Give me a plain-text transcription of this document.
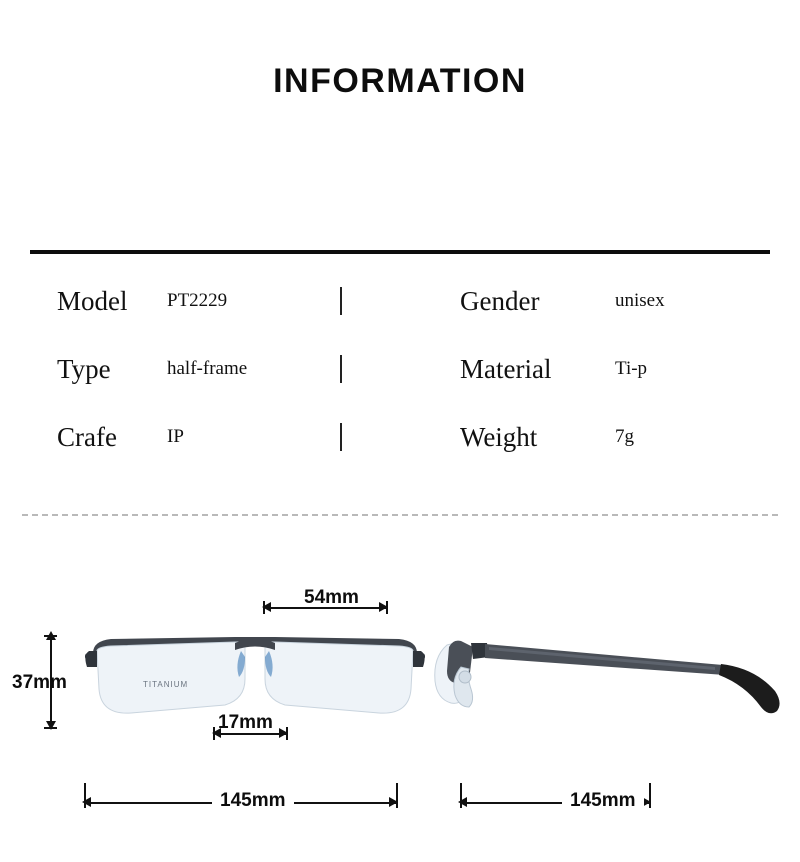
INFORMATION
Model	PT2229	Gender	unisex
Type	half-frame	Material	Ti-p
Crafe	IP	Weight	7g
54mm
37mm	TITANIUM
17mm
145mm	145mm
